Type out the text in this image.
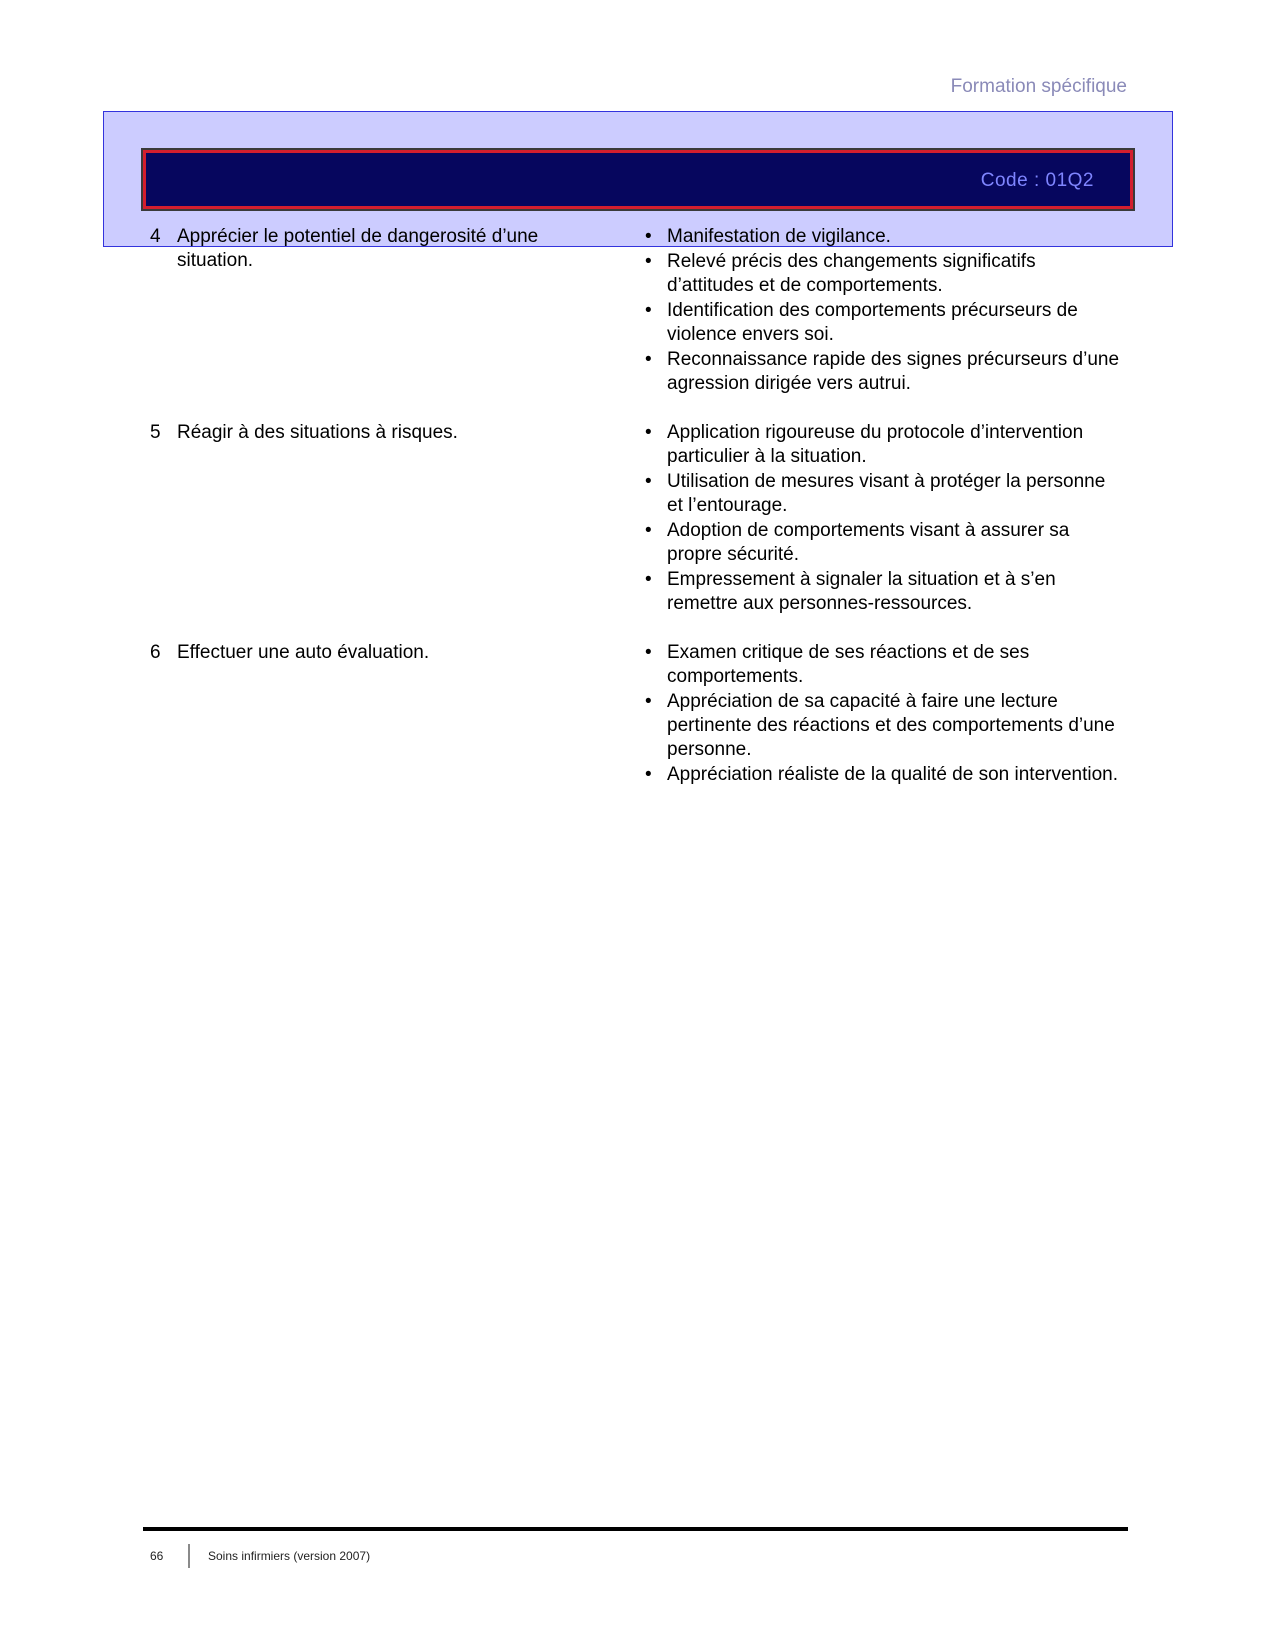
Formation spécifique
Code : 01Q2
4 Apprécier le potentiel de dangerosité d’une situation.
• Manifestation de vigilance.
• Relevé précis des changements significatifs d’attitudes et de comportements.
• Identification des comportements précurseurs de violence envers soi.
• Reconnaissance rapide des signes précurseurs d’une agression dirigée vers autrui.
5 Réagir à des situations à risques.	• Application rigoureuse du protocole d’intervention particulier à la situation.
• Utilisation de mesures visant à protéger la personne et l’entourage.
• Adoption de comportements visant à assurer sa propre sécurité.
• Empressement à signaler la situation et à s’en remettre aux personnes-ressources.
6 Effectuer une auto évaluation.	• Examen critique de ses réactions et de ses comportements.
• Appréciation de sa capacité à faire une lecture pertinente des réactions et des comportements d’une personne.
• Appréciation réaliste de la qualité de son intervention.
66	Soins infirmiers (version 2007)
